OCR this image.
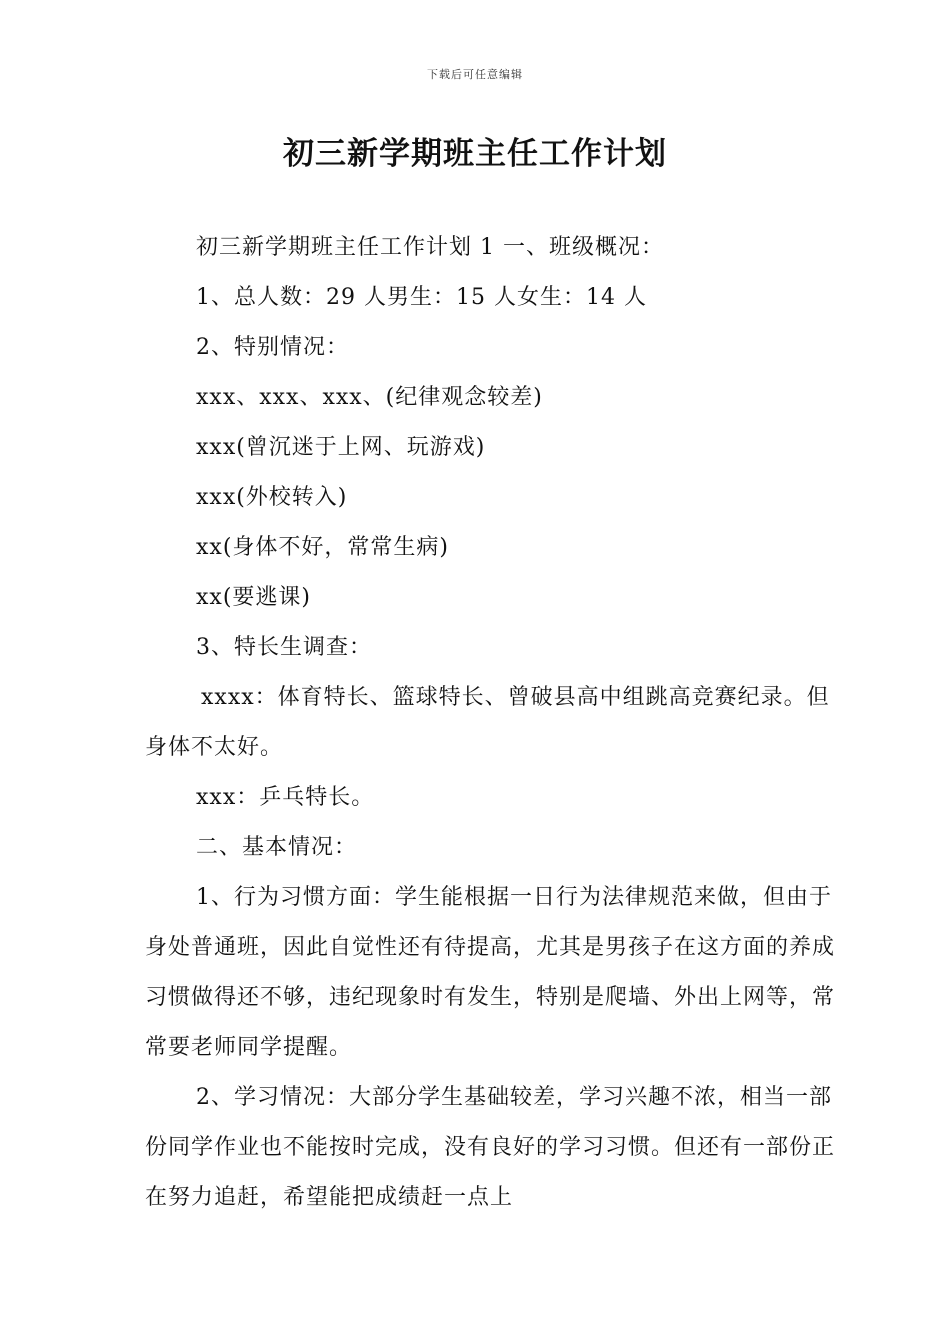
下载后可任意编辑
初三新学期班主任工作计划

初三新学期班主任工作计划 1 一、班级概况：

1、总人数：29 人男生：15 人女生：14 人

2、特别情况：

xxx、xxx、xxx、(纪律观念较差)

xxx(曾沉迷于上网、玩游戏)

xxx(外校转入)

xx(身体不好，常常生病)

xx(要逃课)

3、特长生调查：

xxxx：体育特长、篮球特长、曾破县高中组跳高竞赛纪录。但身体不太好。

xxx：乒乓特长。

二、基本情况：

1、行为习惯方面：学生能根据一日行为法律规范来做，但由于身处普通班，因此自觉性还有待提高，尤其是男孩子在这方面的养成习惯做得还不够，违纪现象时有发生，特别是爬墙、外出上网等，常常要老师同学提醒。

2、学习情况：大部分学生基础较差，学习兴趣不浓，相当一部份同学作业也不能按时完成，没有良好的学习习惯。但还有一部份正在努力追赶，希望能把成绩赶一点上
